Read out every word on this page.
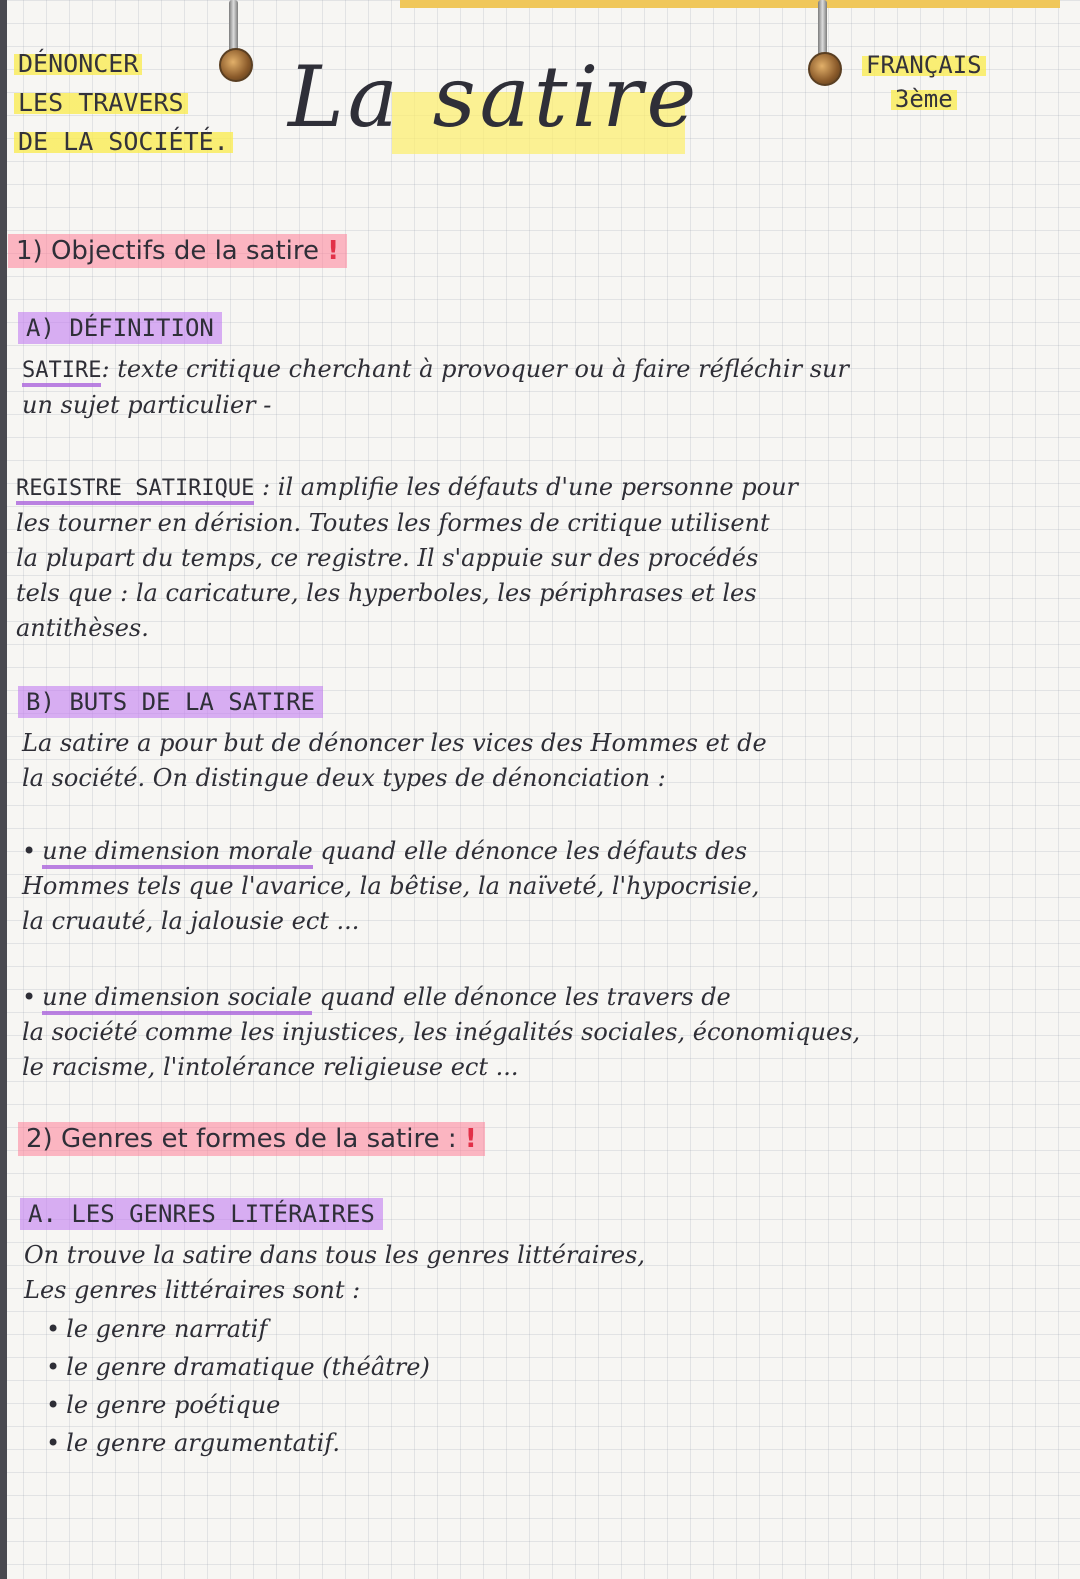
DÉNONCER
LES TRAVERS
DE LA SOCIÉTÉ. La satire	FRANÇAIS
3ème
1) Objectifs de la satire !
A) DÉFINITION
SATIRE: texte critique cherchant à provoquer ou à faire réfléchir sur
un sujet particulier -
REGISTRE SATIRIQUE : il amplifie les défauts d'une personne pour
les tourner en dérision. Toutes les formes de critique utilisent
la plupart du temps, ce registre. Il s'appuie sur des procédés
tels que : la caricature, les hyperboles, les périphrases et les
antithèses.
B) BUTS DE LA SATIRE
La satire a pour but de dénoncer les vices des Hommes et de
la société. On distingue deux types de dénonciation :
• une dimension morale quand elle dénonce les défauts des
Hommes tels que l'avarice, la bêtise, la naïveté, l'hypocrisie,
la cruauté, la jalousie ect ...
• une dimension sociale quand elle dénonce les travers de
la société comme les injustices, les inégalités sociales, économiques,
le racisme, l'intolérance religieuse ect ...
2) Genres et formes de la satire : !
A. LES GENRES LITÉRAIRES
On trouve la satire dans tous les genres littéraires,
Les genres littéraires sont :
• le genre narratif
• le genre dramatique (théâtre)
• le genre poétique
• le genre argumentatif.
